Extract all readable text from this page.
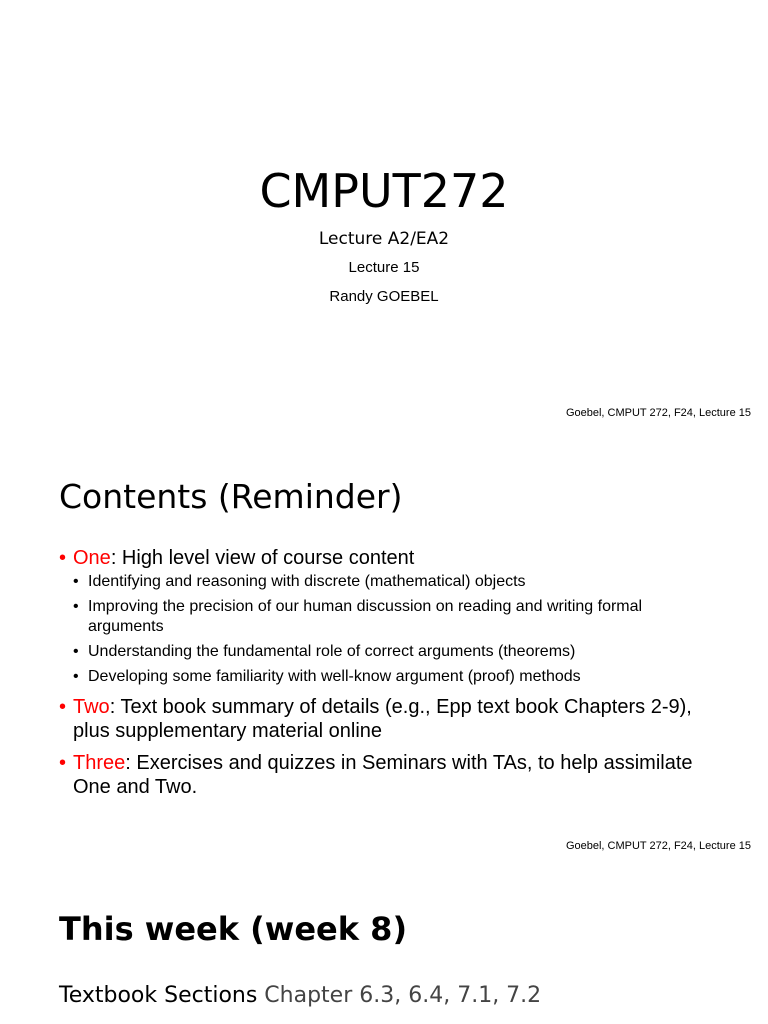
CMPUT272
Lecture A2/EA2
Lecture 15
Randy GOEBEL
Goebel, CMPUT 272, F24, Lecture 15
Contents (Reminder)
• One: High level view of course content
• Identifying and reasoning with discrete (mathematical) objects
• Improving the precision of our human discussion on reading and writing formal arguments
• Understanding the fundamental role of correct arguments (theorems)
• Developing some familiarity with well-know argument (proof) methods
• Two: Text book summary of details (e.g., Epp text book Chapters 2-9), plus supplementary material online
• Three: Exercises and quizzes in Seminars with TAs, to help assimilate One and Two.
Goebel, CMPUT 272, F24, Lecture 15
This week (week 8)
Textbook Sections Chapter 6.3, 6.4, 7.1, 7.2
